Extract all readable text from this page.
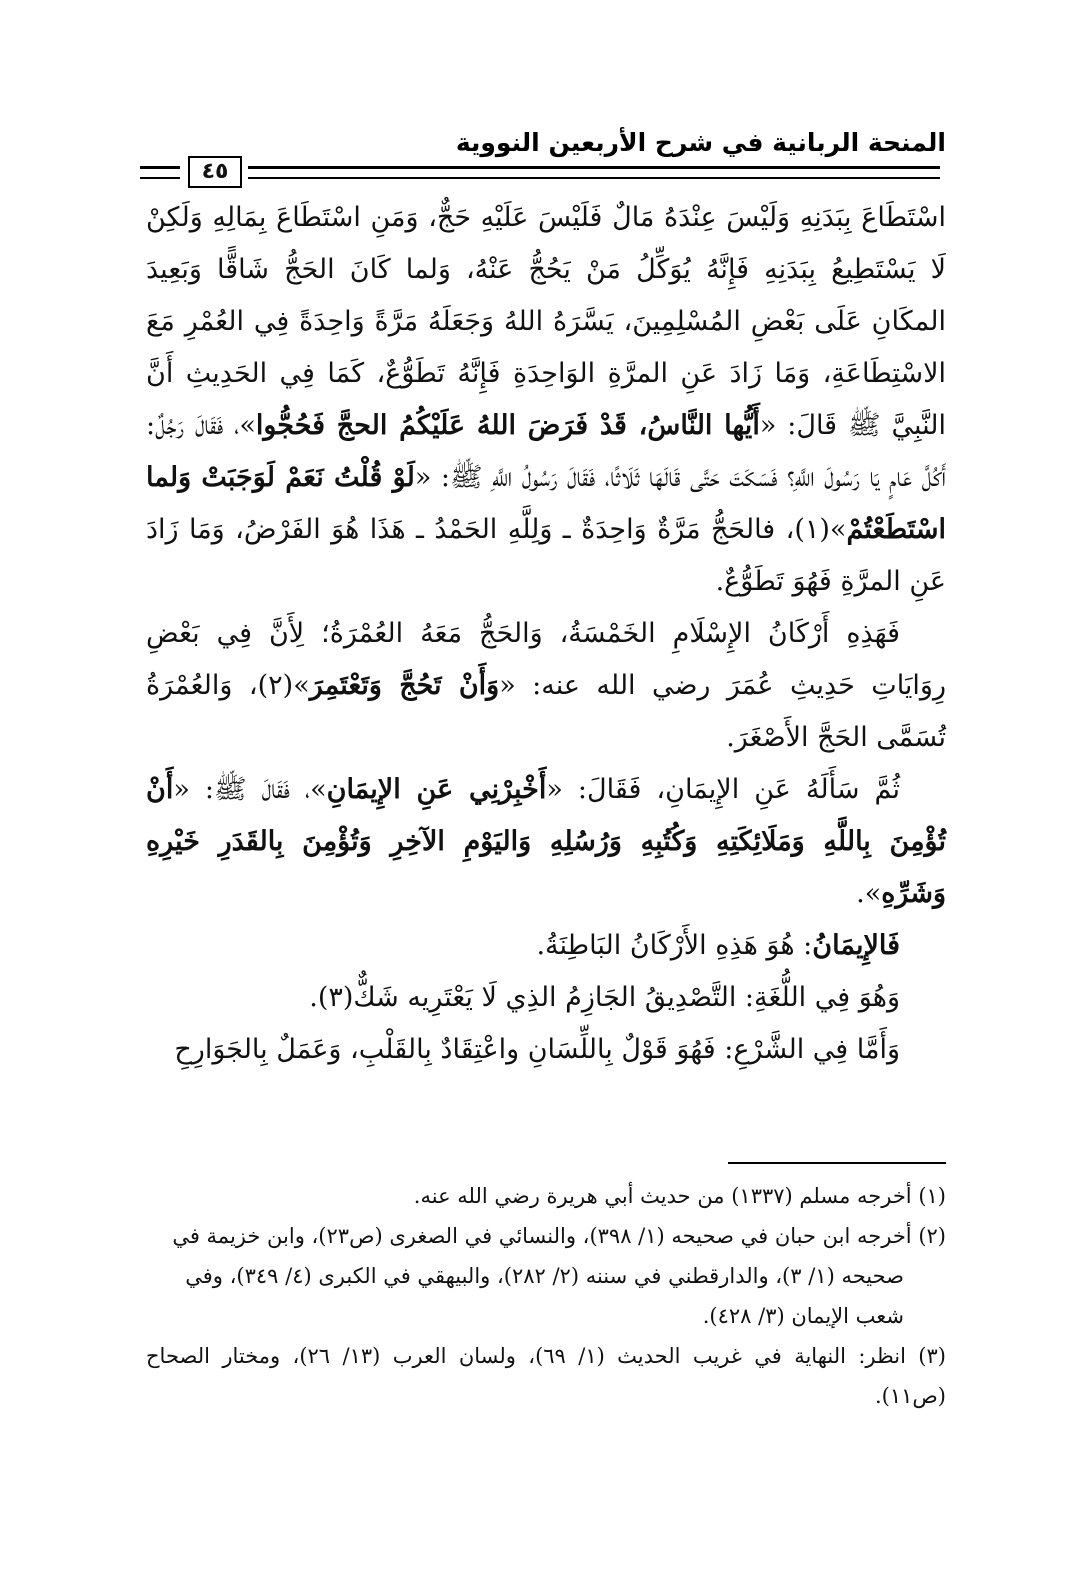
المنحة الربانية في شرح الأربعين النووية
٤٥

اسْتَطَاعَ بِبَدَنِهِ وَلَيْسَ عِنْدَهُ مَالٌ فَلَيْسَ عَلَيْهِ حَجٌّ، وَمَنِ اسْتَطَاعَ بِمَالِهِ وَلَكِنْ لَا يَسْتَطِيعُ بِبَدَنِهِ فَإِنَّهُ يُوَكِّلُ مَنْ يَحُجُّ عَنْهُ، وَلما كَانَ الحَجُّ شَاقًّا وَبَعِيدَ المكَانِ عَلَى بَعْضِ المُسْلِمِينَ، يَسَّرَهُ اللهُ وَجَعَلَهُ مَرَّةً وَاحِدَةً فِي العُمْرِ مَعَ الاسْتِطَاعَةِ، وَمَا زَادَ عَنِ المرَّةِ الوَاحِدَةِ فَإِنَّهُ تَطَوُّعٌ، كَمَا فِي الحَدِيثِ أَنَّ النَّبِيَّ ﷺ قَالَ: «أَيُّها النَّاسُ، قَدْ فَرَضَ اللهُ عَلَيْكُمُ الحجَّ فَحُجُّوا»، فَقَالَ رَجُلٌ: أَكُلَّ عَامٍ يَا رَسُولَ اللَّهِ؟ فَسَكَتَ حَتَّى قَالَهَا ثَلَاثًا، فَقَالَ رَسُولُ اللَّهِ ﷺ: «لَوْ قُلْتُ نَعَمْ لَوَجَبَتْ وَلما اسْتَطَعْتُمْ»(١)، فالحَجُّ مَرَّةٌ وَاحِدَةٌ ـ وَلِلَّهِ الحَمْدُ ـ هَذَا هُوَ الفَرْضُ، وَمَا زَادَ عَنِ المرَّةِ فَهُوَ تَطَوُّعٌ.

فَهَذِهِ أَرْكَانُ الإِسْلَامِ الخَمْسَةُ، وَالحَجُّ مَعَهُ العُمْرَةُ؛ لِأَنَّ فِي بَعْضِ رِوَايَاتِ حَدِيثِ عُمَرَ رضي الله عنه: «وَأَنْ تَحُجَّ وَتَعْتَمِرَ»(٢)، وَالعُمْرَةُ تُسَمَّى الحَجَّ الأَصْغَرَ.

ثُمَّ سَأَلَهُ عَنِ الإِيمَانِ، فَقَالَ: «أَخْبِرْنِي عَنِ الإِيمَانِ»، فَقَالَ ﷺ: «أَنْ تُؤْمِنَ بِاللَّهِ وَمَلَائِكَتِهِ وَكُتُبِهِ وَرُسُلِهِ وَاليَوْمِ الآخِرِ وَتُؤْمِنَ بِالقَدَرِ خَيْرِهِ وَشَرِّهِ».

فَالإِيمَانُ: هُوَ هَذِهِ الأَرْكَانُ البَاطِنَةُ.

وَهُوَ فِي اللُّغَةِ: التَّصْدِيقُ الجَازِمُ الذِي لَا يَعْتَرِيه شَكٌّ(٣).

وَأَمَّا فِي الشَّرْعِ: فَهُوَ قَوْلٌ بِاللِّسَانِ واعْتِقَادٌ بِالقَلْبِ، وَعَمَلٌ بِالجَوَارِحِ

(١) أخرجه مسلم (١٣٣٧) من حديث أبي هريرة رضي الله عنه.

(٢) أخرجه ابن حبان في صحيحه (١/ ٣٩٨)، والنسائي في الصغرى (ص٢٣)، وابن خزيمة في

صحيحه (١/ ٣)، والدارقطني في سننه (٢/ ٢٨٢)، والبيهقي في الكبرى (٤/ ٣٤٩)، وفي

شعب الإيمان (٣/ ٤٢٨).

(٣) انظر: النهاية في غريب الحديث (١/ ٦٩)، ولسان العرب (١٣/ ٢٦)، ومختار الصحاح (ص١١).
